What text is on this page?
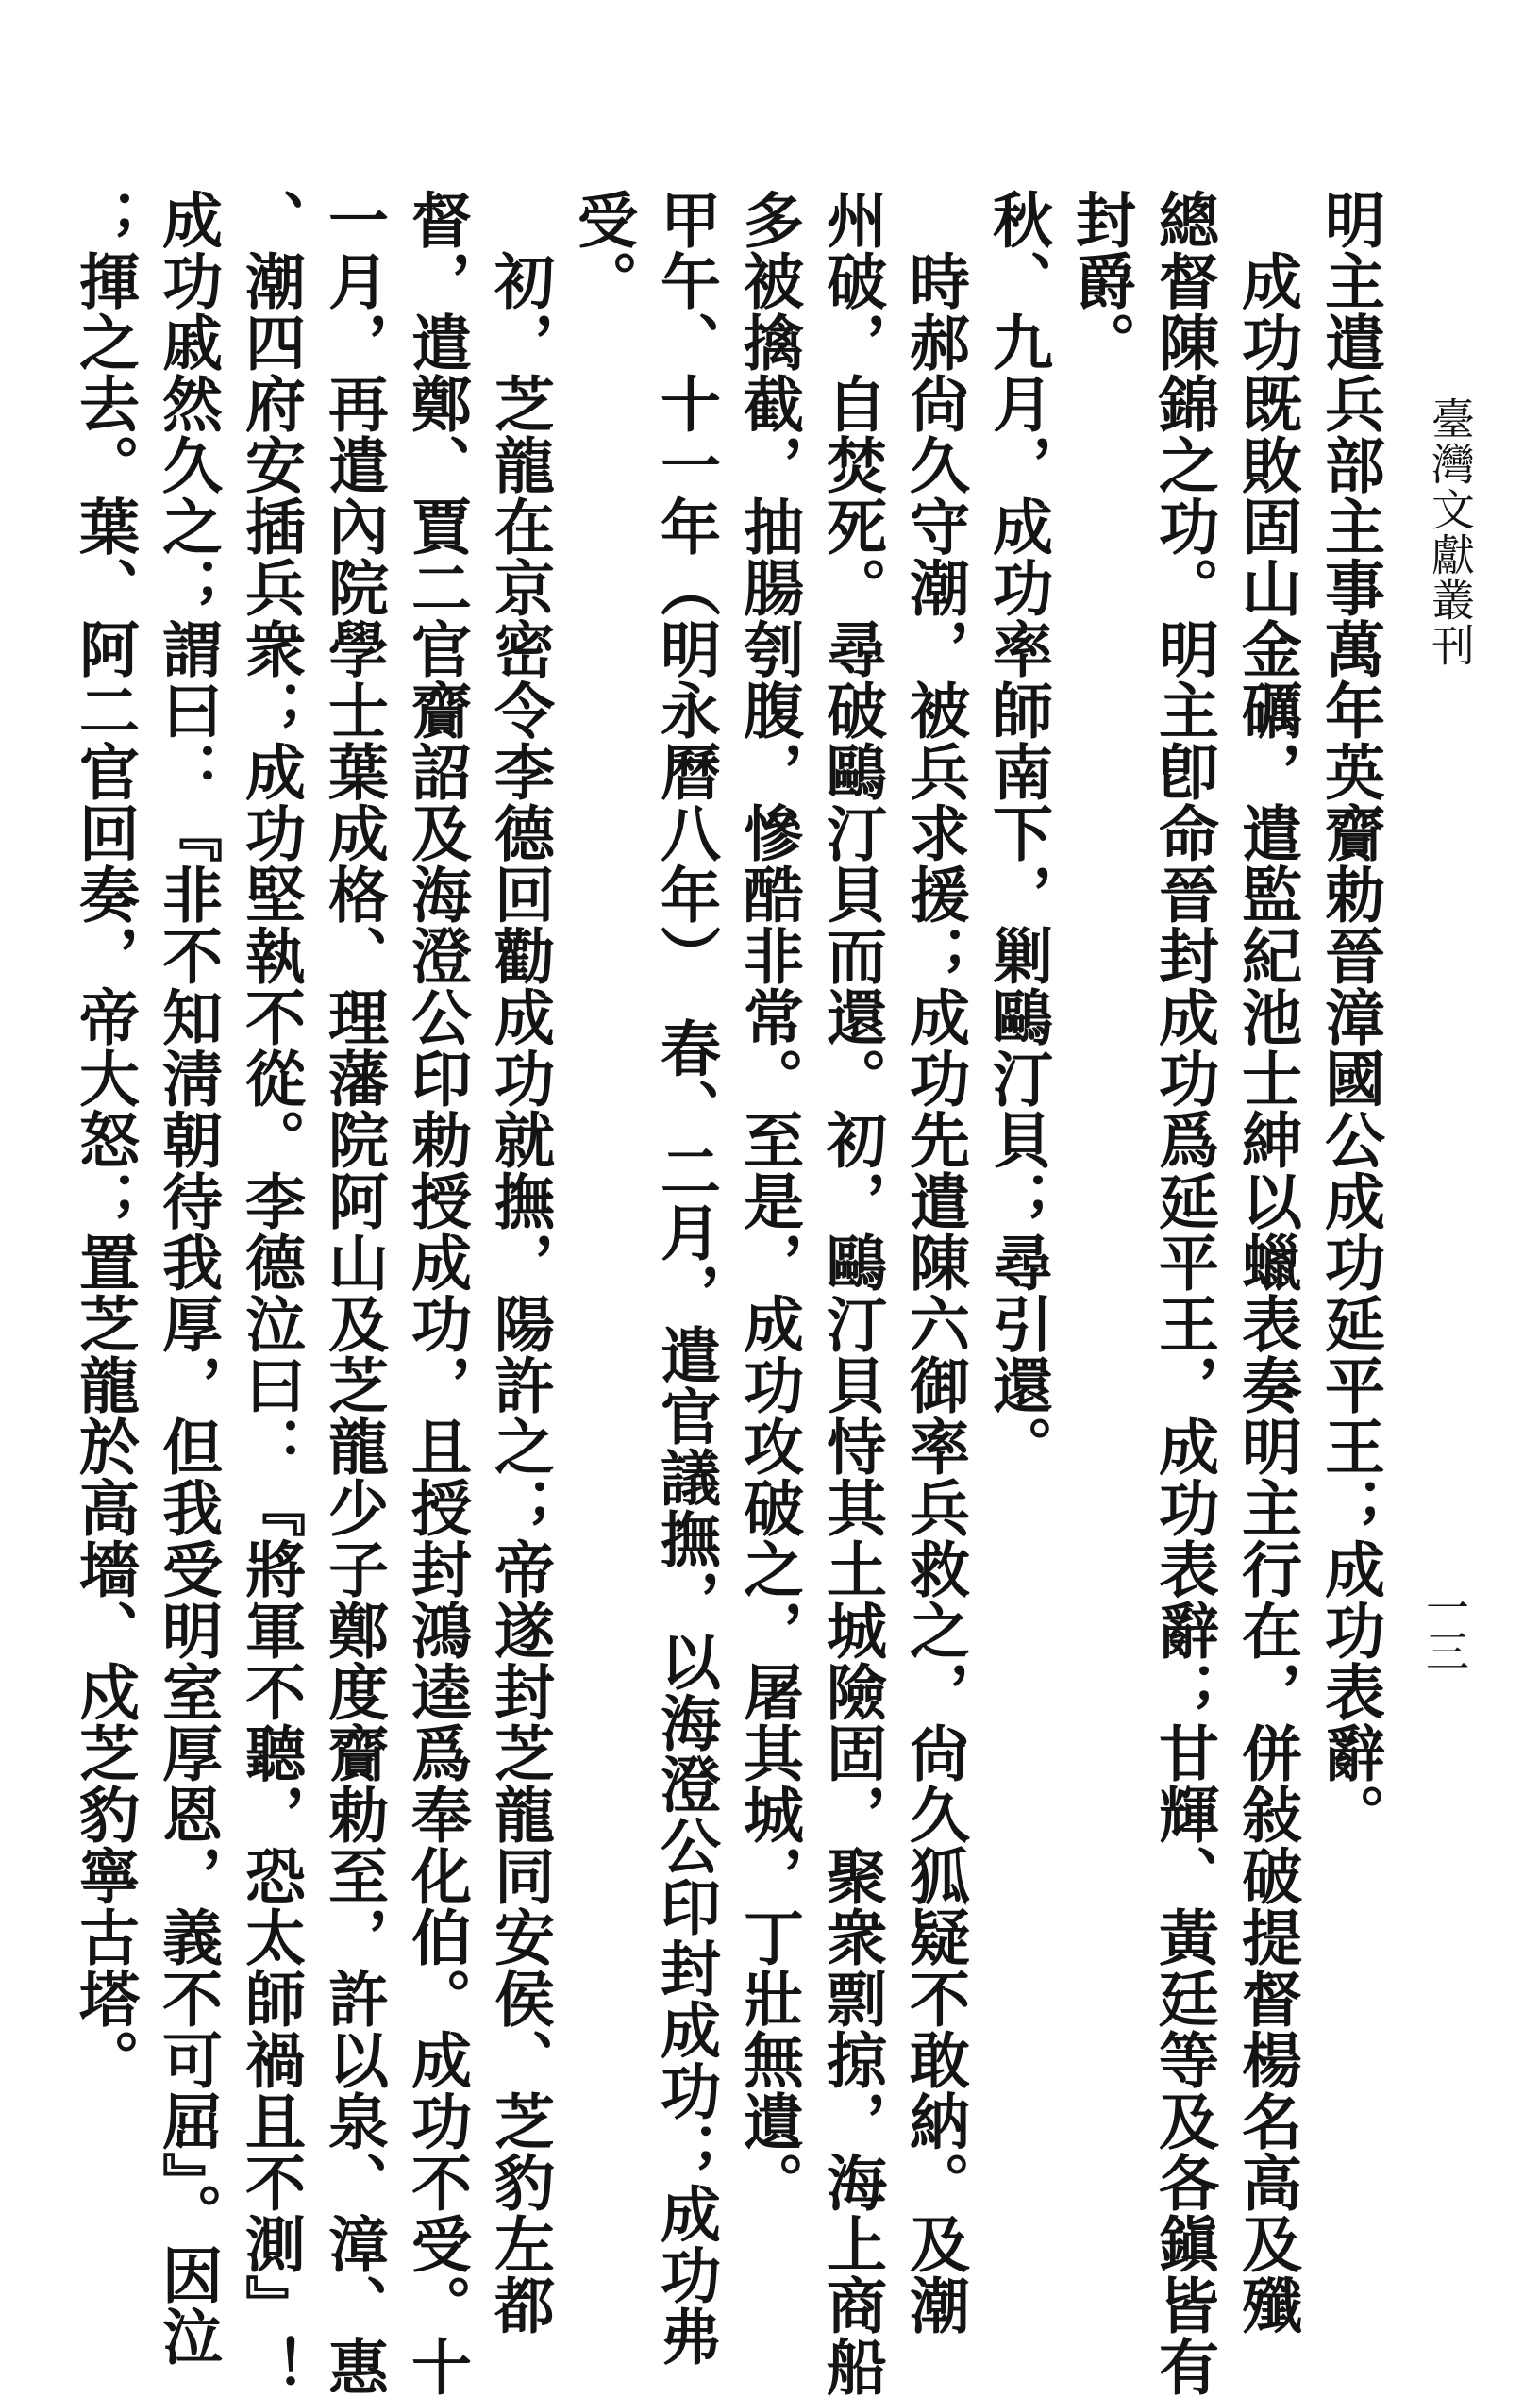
臺灣文獻叢刊
一三
明主遣兵部主事萬年英齎勅晉漳國公成功延平王；成功表辭。
　成功既敗固山金礪，遣監紀池士紳以蠟表奏明主行在，併敍破提督楊名高及殲
總督陳錦之功。明主卽命晉封成功爲延平王，成功表辭；甘輝、黃廷等及各鎭皆有
封爵。
秋、九月，成功率師南下，剿鷗汀貝；尋引還。
　時郝尙久守潮，被兵求援；成功先遣陳六御率兵救之，尙久狐疑不敢納。及潮
州破，自焚死。尋破鷗汀貝而還。初，鷗汀貝恃其土城險固，聚衆剽掠，海上商船
多被擒截，抽腸刳腹，慘酷非常。至是，成功攻破之，屠其城，丁壯無遺。
甲午、十一年（明永曆八年）　春、二月，遣官議撫，以海澄公印封成功；成功弗
受。
　初，芝龍在京密令李德回勸成功就撫，陽許之；帝遂封芝龍同安侯、芝豹左都
督，遣鄭、賈二官齎詔及海澄公印勅授成功，且授封鴻逵爲奉化伯。成功不受。十
一月，再遣內院學士葉成格、理藩院阿山及芝龍少子鄭度齎勅至，許以泉、漳、惠
、潮四府安插兵衆；成功堅執不從。李德泣曰：『將軍不聽，恐太師禍且不測』！
成功戚然久之；謂曰：『非不知淸朝待我厚，但我受明室厚恩，義不可屈』。因泣
；揮之去。葉、阿二官回奏，帝大怒；置芝龍於高墻、戍芝豹寧古塔。
